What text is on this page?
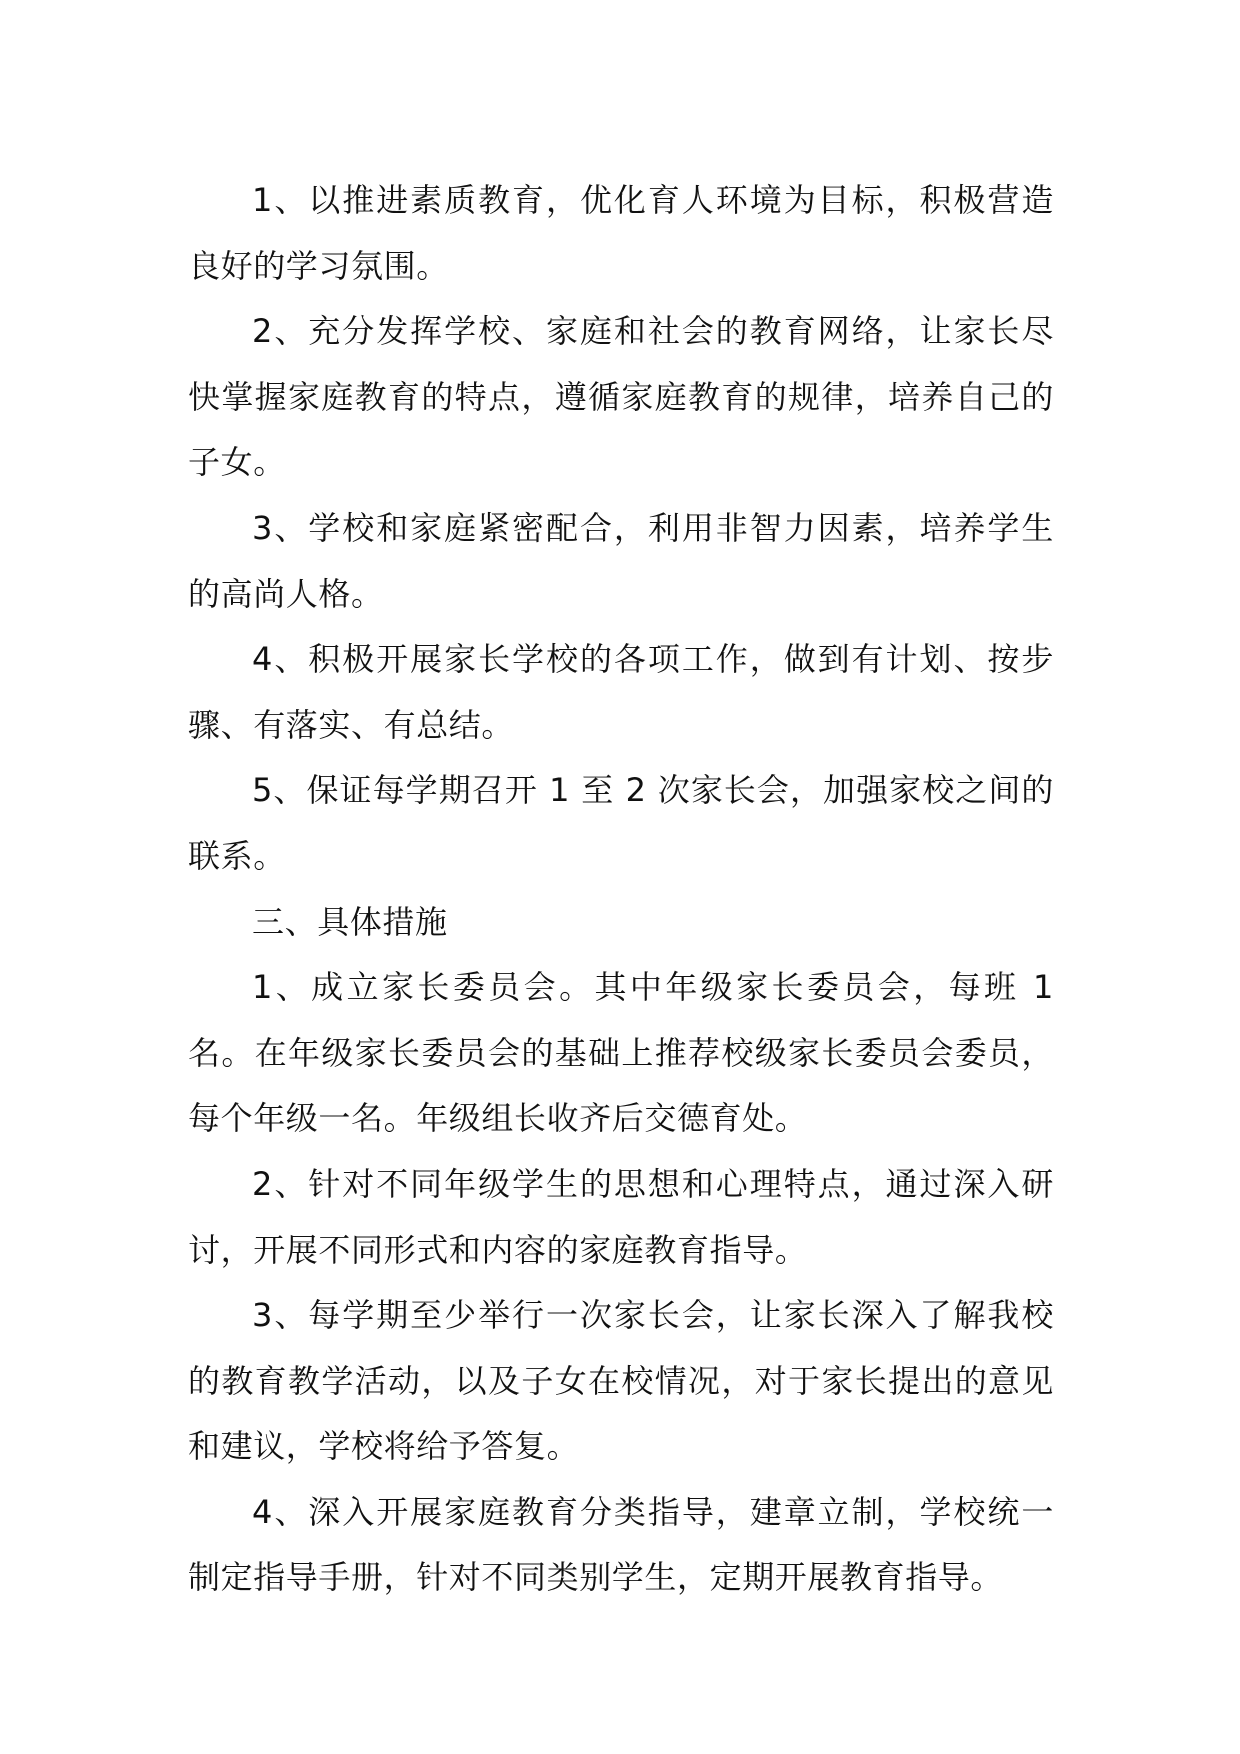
1、以推进素质教育，优化育人环境为目标，积极营造良好的学习氛围。

2、充分发挥学校、家庭和社会的教育网络，让家长尽快掌握家庭教育的特点，遵循家庭教育的规律，培养自己的子女。

3、学校和家庭紧密配合，利用非智力因素，培养学生的高尚人格。

4、积极开展家长学校的各项工作，做到有计划、按步骤、有落实、有总结。

5、保证每学期召开 1 至 2 次家长会，加强家校之间的联系。

三、具体措施

1、成立家长委员会。其中年级家长委员会，每班 1 名。在年级家长委员会的基础上推荐校级家长委员会委员，每个年级一名。年级组长收齐后交德育处。

2、针对不同年级学生的思想和心理特点，通过深入研讨，开展不同形式和内容的家庭教育指导。

3、每学期至少举行一次家长会，让家长深入了解我校的教育教学活动，以及子女在校情况，对于家长提出的意见和建议，学校将给予答复。

4、深入开展家庭教育分类指导，建章立制，学校统一制定指导手册，针对不同类别学生，定期开展教育指导。
